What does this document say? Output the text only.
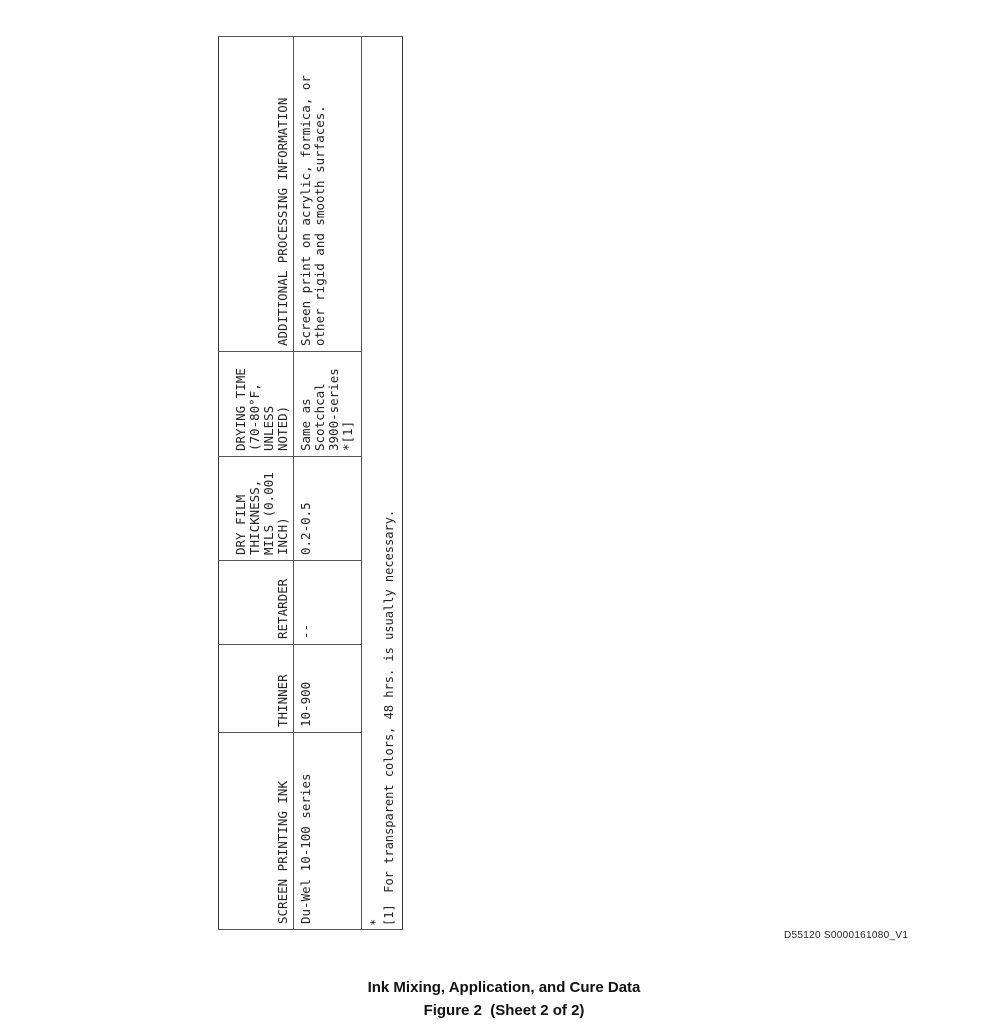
SCREEN PRINTING INK	THINNER	RETARDER	DRY FILM THICKNESS, MILS (0.001 INCH)	DRYING TIME (70-80°F, UNLESS NOTED)	ADDITIONAL PROCESSING INFORMATION
Du-Wel 10-100 series	10-900	--	0.2-0.5	Same as Scotchcal 3900-series *[1]	Screen print on acrylic, formica, or other rigid and smooth surfaces.
*[1] For transparent colors, 48 hrs. is usually necessary.					
D55120 S0000161080_V1
Ink Mixing, Application, and Cure Data
Figure 2  (Sheet 2 of 2)
